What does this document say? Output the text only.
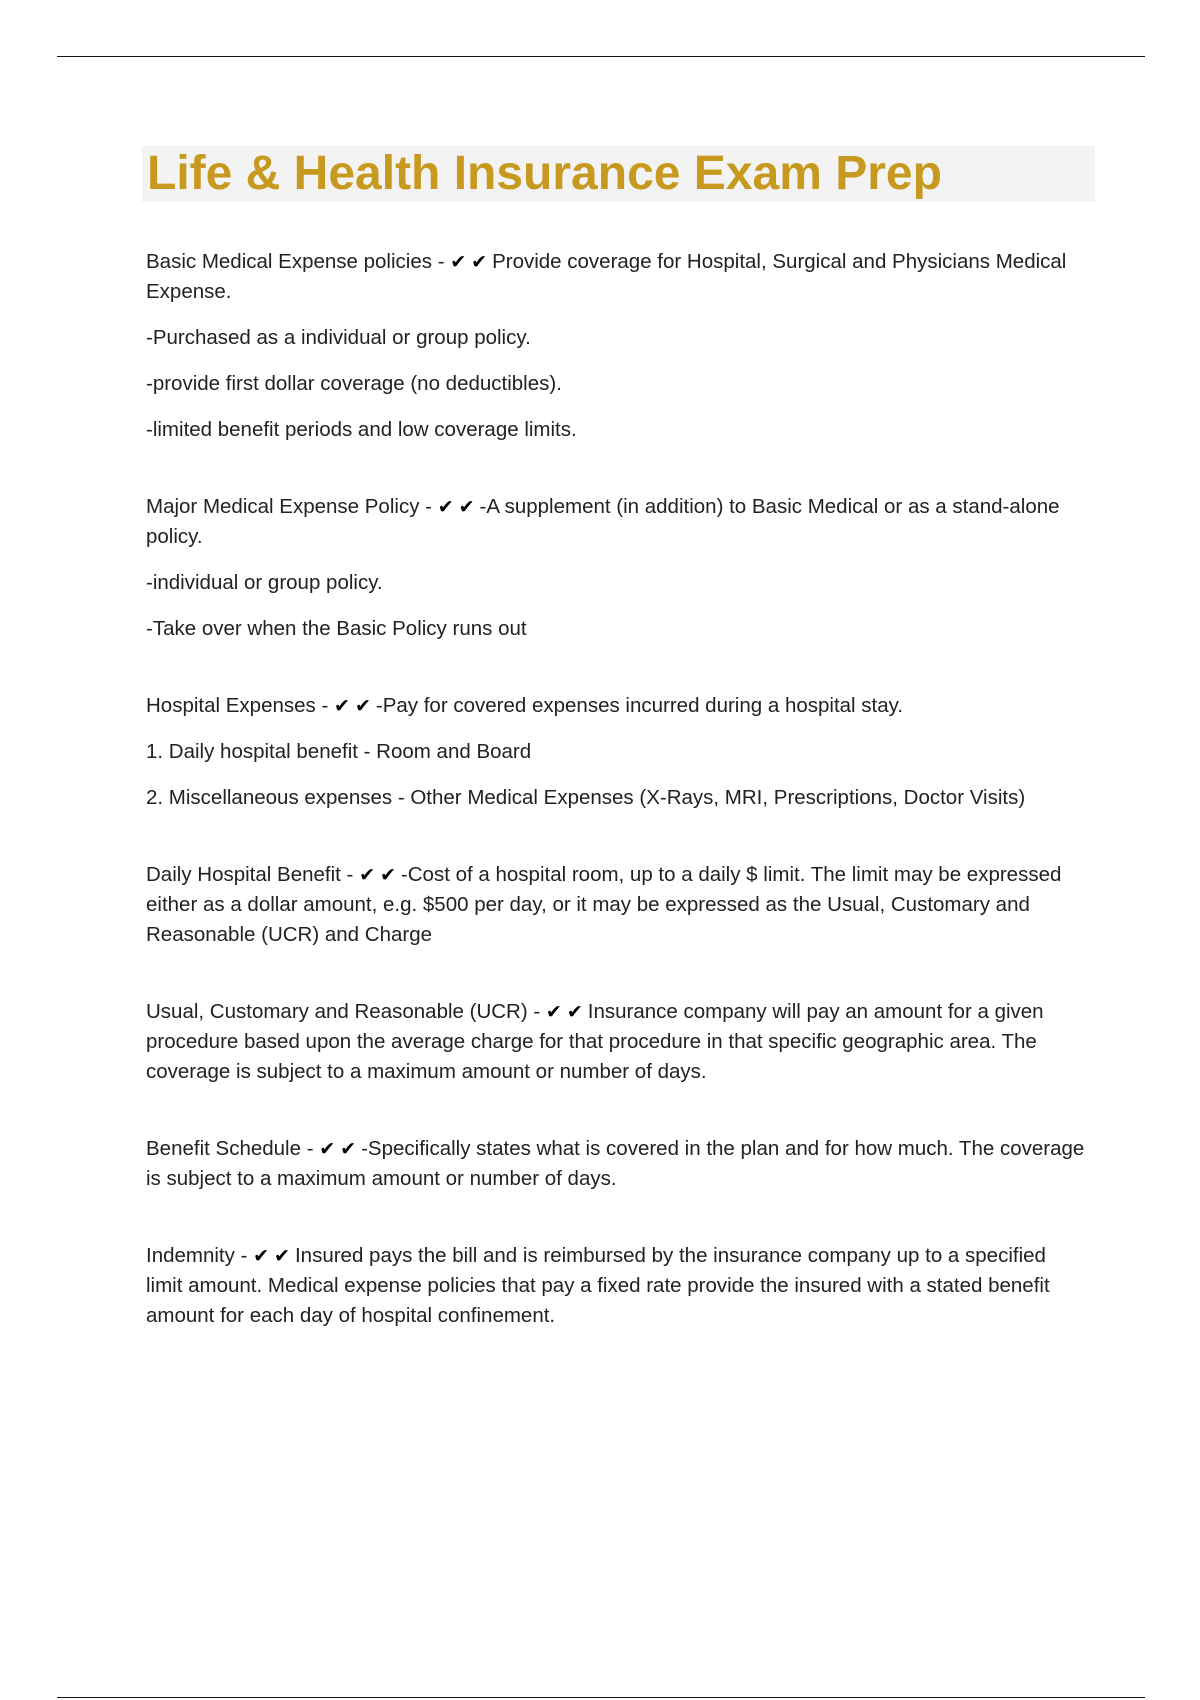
Life & Health Insurance Exam Prep

Basic Medical Expense policies - ✔✔Provide coverage for Hospital, Surgical and Physicians Medical
Expense.

-Purchased as a individual or group policy.

-provide first dollar coverage (no deductibles).

-limited benefit periods and low coverage limits.

Major Medical Expense Policy - ✔✔-A supplement (in addition) to Basic Medical or as a stand-alone
policy.

-individual or group policy.

-Take over when the Basic Policy runs out

Hospital Expenses - ✔✔-Pay for covered expenses incurred during a hospital stay.

1. Daily hospital benefit - Room and Board

2. Miscellaneous expenses - Other Medical Expenses (X-Rays, MRI, Prescriptions, Doctor Visits)

Daily Hospital Benefit - ✔✔-Cost of a hospital room, up to a daily $ limit. The limit may be expressed
either as a dollar amount, e.g. $500 per day, or it may be expressed as the Usual, Customary and
Reasonable (UCR) and Charge

Usual, Customary and Reasonable (UCR) - ✔✔Insurance company will pay an amount for a given
procedure based upon the average charge for that procedure in that specific geographic area. The
coverage is subject to a maximum amount or number of days.

Benefit Schedule - ✔✔-Specifically states what is covered in the plan and for how much. The coverage
is subject to a maximum amount or number of days.

Indemnity - ✔✔Insured pays the bill and is reimbursed by the insurance company up to a specified
limit amount. Medical expense policies that pay a fixed rate provide the insured with a stated benefit
amount for each day of hospital confinement.
